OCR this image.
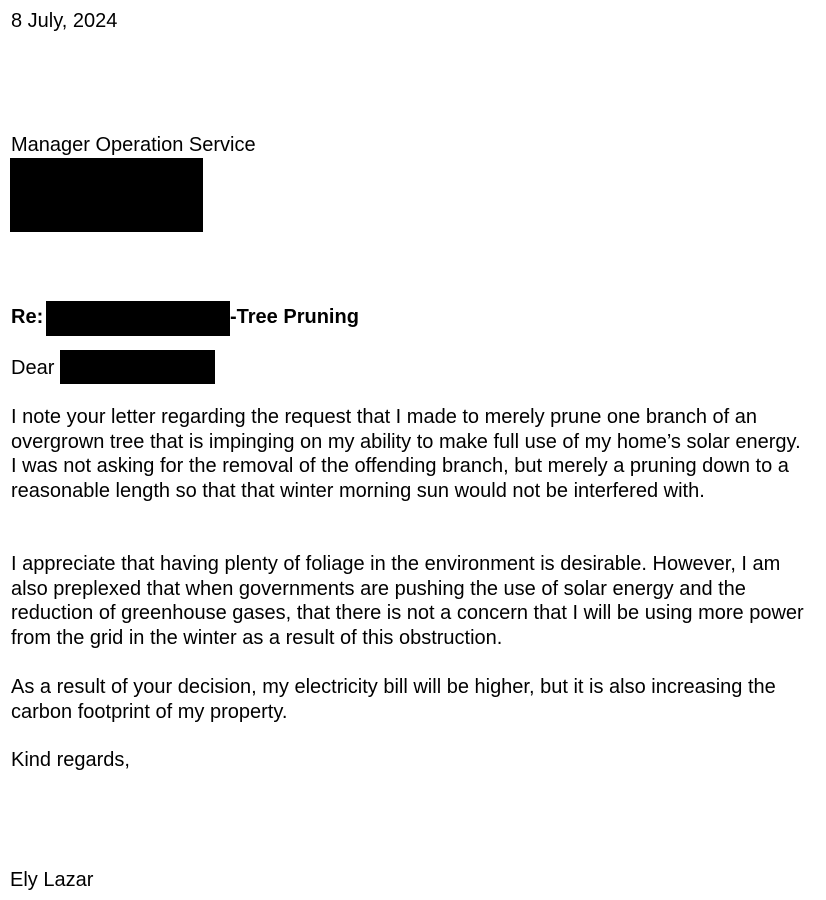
8 July, 2024
Manager Operation Service
Re:	-Tree Pruning
Dear

I note your letter regarding the request that I made to merely prune one branch of an overgrown tree that is impinging on my ability to make full use of my home’s solar energy. I was not asking for the removal of the offending branch, but merely a pruning down to a reasonable length so that that winter morning sun would not be interfered with.

I appreciate that having plenty of foliage in the environment is desirable. However, I am also preplexed that when governments are pushing the use of solar energy and the reduction of greenhouse gases, that there is not a concern that I will be using more power from the grid in the winter as a result of this obstruction.

As a result of your decision, my electricity bill will be higher, but it is also increasing the carbon footprint of my property.

Kind regards,
Ely Lazar
